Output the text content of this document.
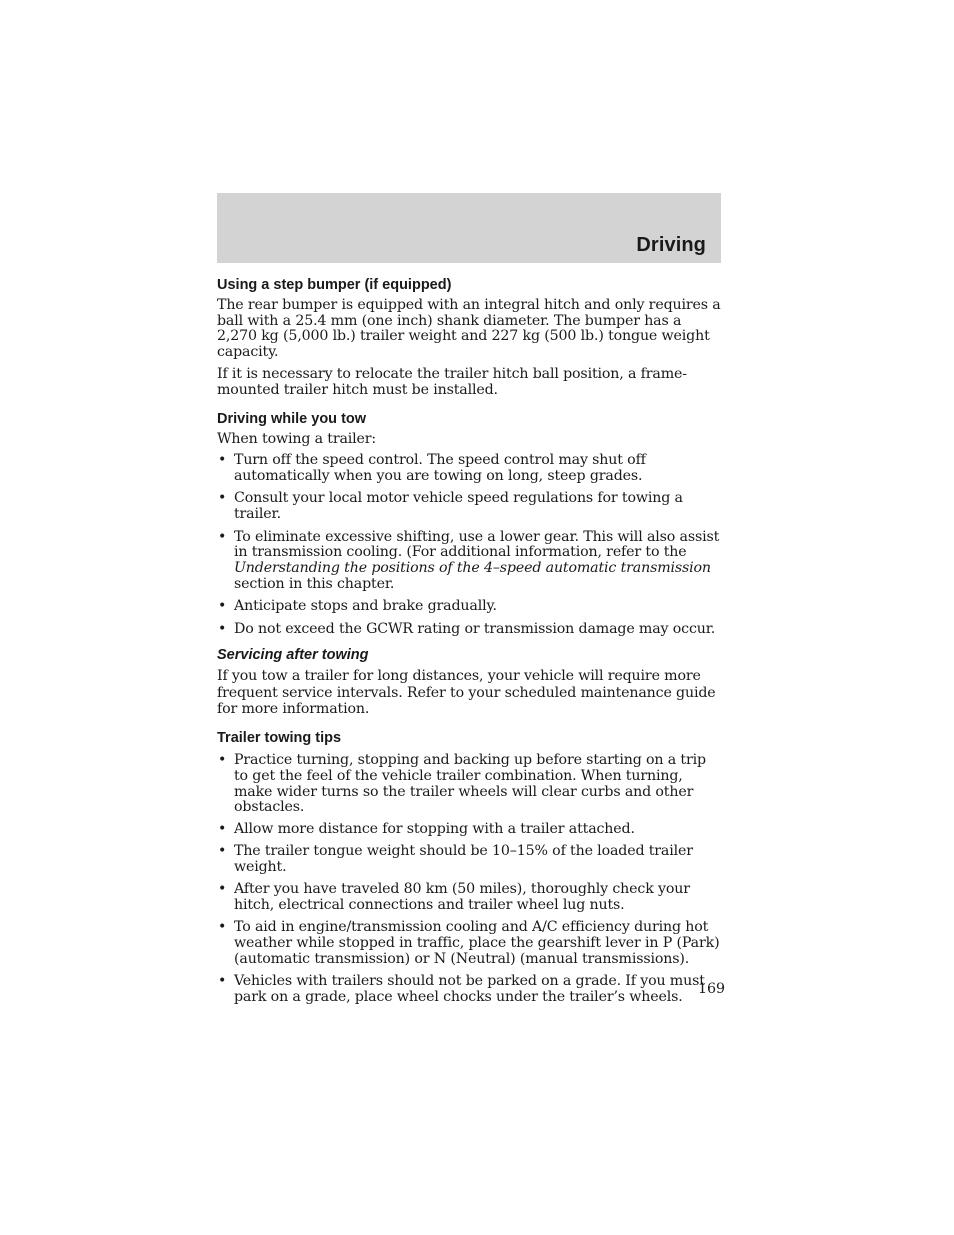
Driving
Using a step bumper (if equipped)

The rear bumper is equipped with an integral hitch and only requires a ball with a 25.4 mm (one inch) shank diameter. The bumper has a 2,270 kg (5,000 lb.) trailer weight and 227 kg (500 lb.) tongue weight capacity.

If it is necessary to relocate the trailer hitch ball position, a frame-mounted trailer hitch must be installed.

Driving while you tow

When towing a trailer:

• Turn off the speed control. The speed control may shut off automatically when you are towing on long, steep grades.
• Consult your local motor vehicle speed regulations for towing a trailer.
• To eliminate excessive shifting, use a lower gear. This will also assist in transmission cooling. (For additional information, refer to the Understanding the positions of the 4–speed automatic transmission section in this chapter.
• Anticipate stops and brake gradually.
• Do not exceed the GCWR rating or transmission damage may occur.
Servicing after towing

If you tow a trailer for long distances, your vehicle will require more frequent service intervals. Refer to your scheduled maintenance guide for more information.

Trailer towing tips
• Practice turning, stopping and backing up before starting on a trip to get the feel of the vehicle trailer combination. When turning, make wider turns so the trailer wheels will clear curbs and other obstacles.
• Allow more distance for stopping with a trailer attached.
• The trailer tongue weight should be 10–15% of the loaded trailer weight.
• After you have traveled 80 km (50 miles), thoroughly check your hitch, electrical connections and trailer wheel lug nuts.
• To aid in engine/transmission cooling and A/C efficiency during hot weather while stopped in traffic, place the gearshift lever in P (Park) (automatic transmission) or N (Neutral) (manual transmissions).
• Vehicles with trailers should not be parked on a grade. If you must park on a grade, place wheel chocks under the trailer’s wheels.	169
